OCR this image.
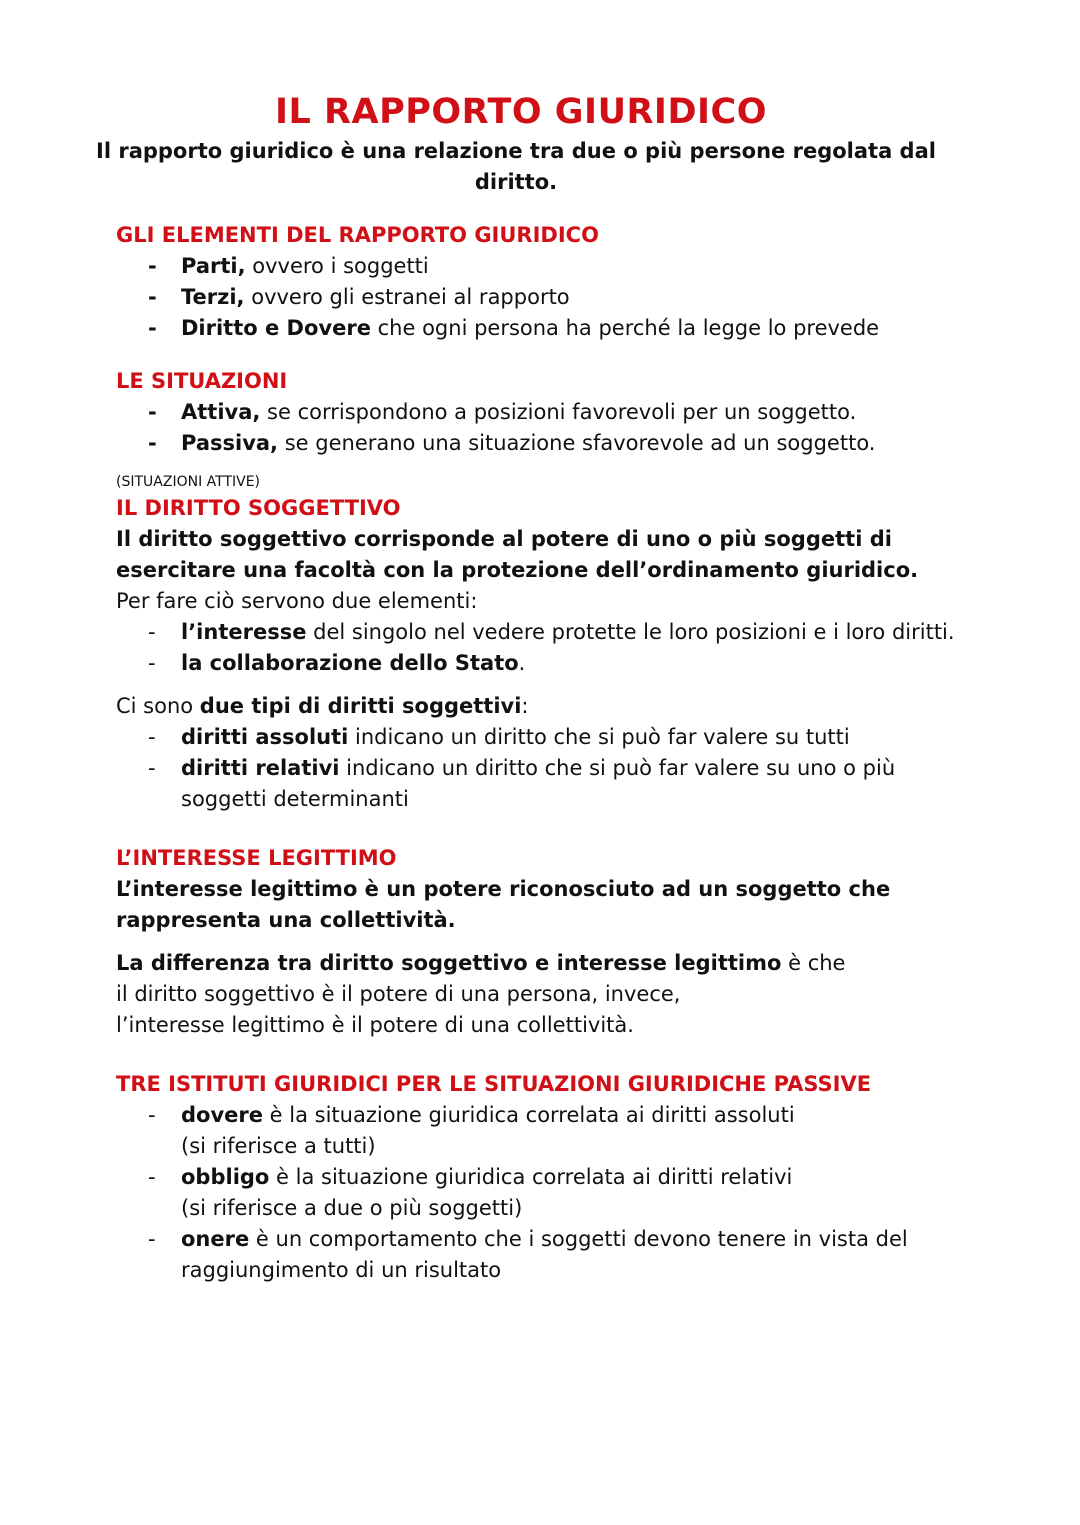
IL RAPPORTO GIURIDICO
Il rapporto giuridico è una relazione tra due o più persone regolata dal diritto.
GLI ELEMENTI DEL RAPPORTO GIURIDICO
- Parti, ovvero i soggetti
- Terzi, ovvero gli estranei al rapporto
- Diritto e Dovere che ogni persona ha perché la legge lo prevede
LE SITUAZIONI
- Attiva, se corrispondono a posizioni favorevoli per un soggetto.
- Passiva, se generano una situazione sfavorevole ad un soggetto.
(SITUAZIONI ATTIVE)
IL DIRITTO SOGGETTIVO

Il diritto soggettivo corrisponde al potere di uno o più soggetti di esercitare una facoltà con la protezione dell’ordinamento giuridico.

Per fare ciò servono due elementi:

- l’interesse del singolo nel vedere protette le loro posizioni e i loro diritti.
- la collaborazione dello Stato.

Ci sono due tipi di diritti soggettivi:

- diritti assoluti indicano un diritto che si può far valere su tutti
- diritti relativi indicano un diritto che si può far valere su uno o più
soggetti determinanti
L’INTERESSE LEGITTIMO

L’interesse legittimo è un potere riconosciuto ad un soggetto che rappresenta una collettività.

La differenza tra diritto soggettivo e interesse legittimo è che

il diritto soggettivo è il potere di una persona, invece,

l’interesse legittimo è il potere di una collettività.

TRE ISTITUTI GIURIDICI PER LE SITUAZIONI GIURIDICHE PASSIVE
- dovere è la situazione giuridica correlata ai diritti assoluti
(si riferisce a tutti)
- obbligo è la situazione giuridica correlata ai diritti relativi
(si riferisce a due o più soggetti)
- onere è un comportamento che i soggetti devono tenere in vista del
raggiungimento di un risultato
